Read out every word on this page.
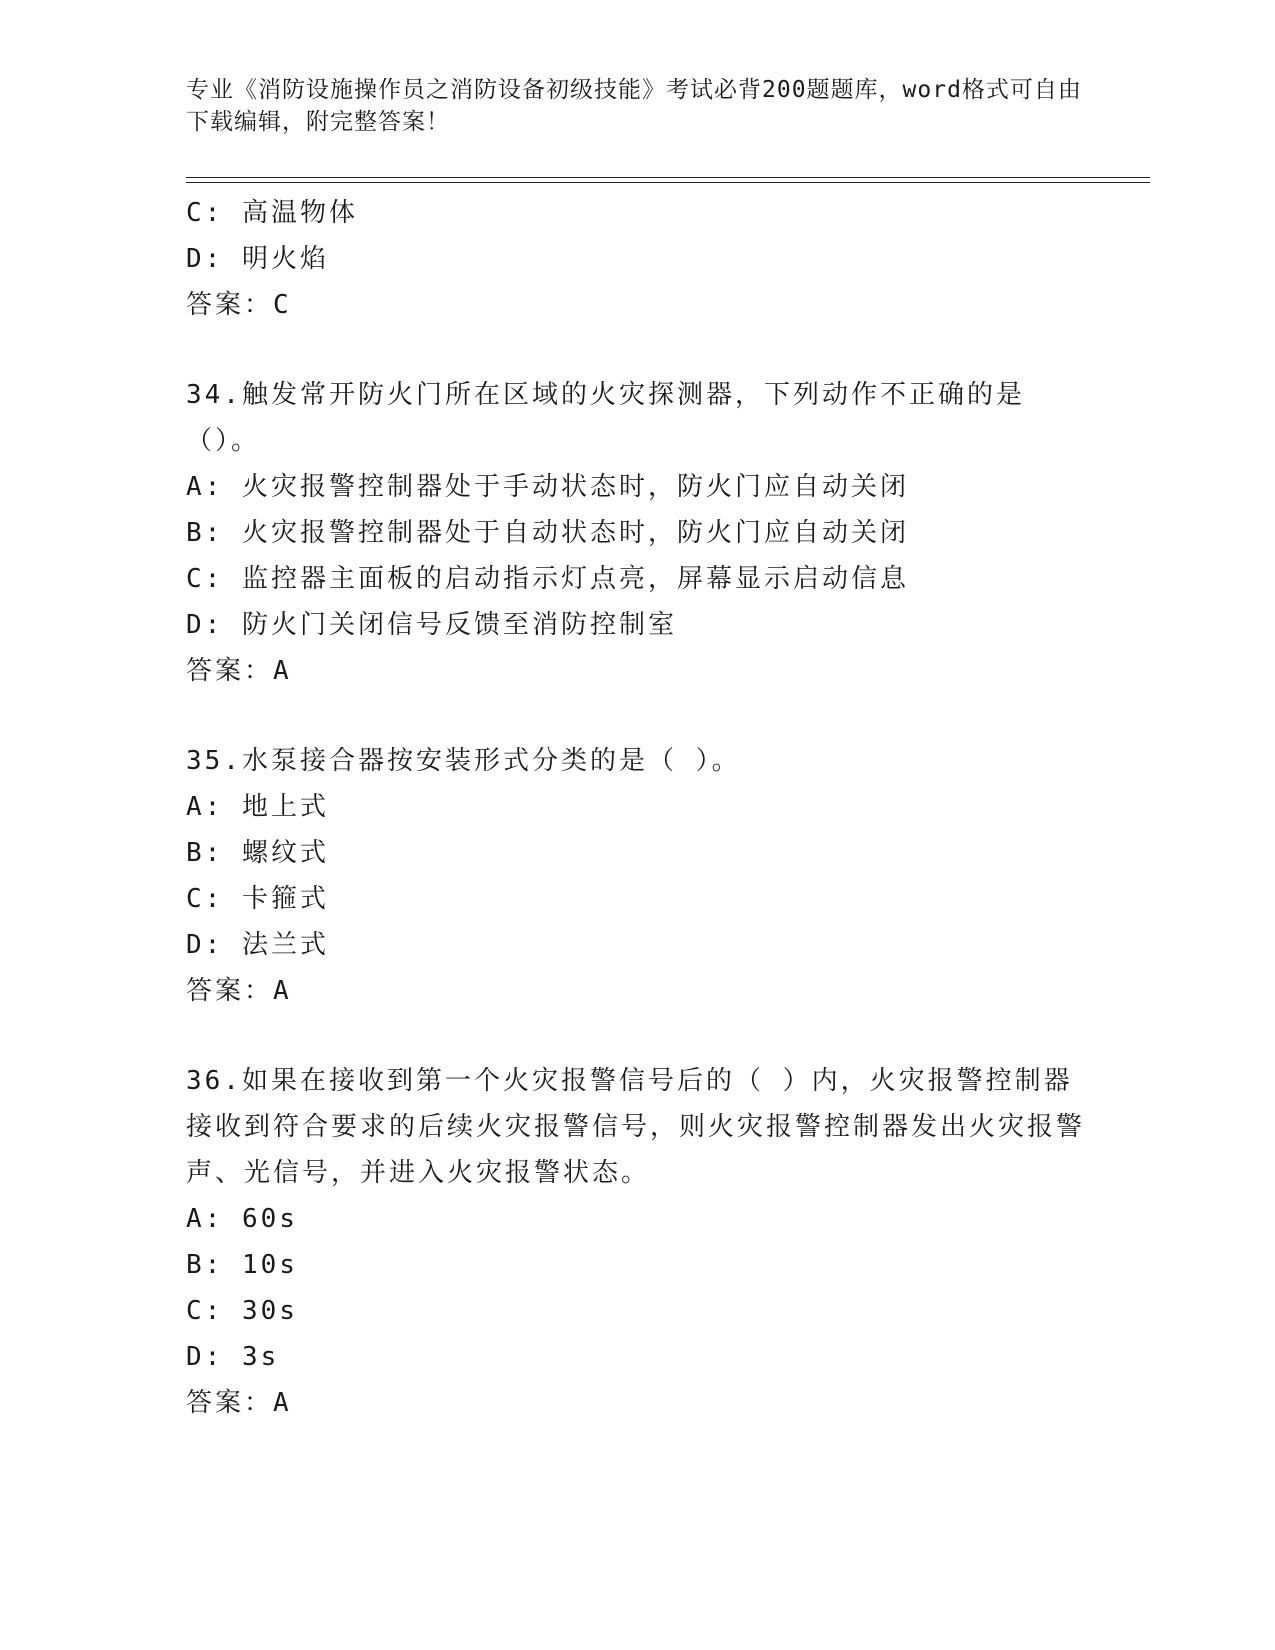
专业《消防设施操作员之消防设备初级技能》考试必背200题题库，word格式可自由下载编辑，附完整答案！
C: 高温物体
D: 明火焰
答案：C
34.触发常开防火门所在区域的火灾探测器，下列动作不正确的是（）。
A: 火灾报警控制器处于手动状态时，防火门应自动关闭
B: 火灾报警控制器处于自动状态时，防火门应自动关闭
C: 监控器主面板的启动指示灯点亮，屏幕显示启动信息
D: 防火门关闭信号反馈至消防控制室
答案：A
35.水泵接合器按安装形式分类的是（ ）。
A: 地上式
B: 螺纹式
C: 卡箍式
D: 法兰式
答案：A
36.如果在接收到第一个火灾报警信号后的（ ）内，火灾报警控制器接收到符合要求的后续火灾报警信号，则火灾报警控制器发出火灾报警声、光信号，并进入火灾报警状态。
A: 60s
B: 10s
C: 30s
D: 3s
答案：A
